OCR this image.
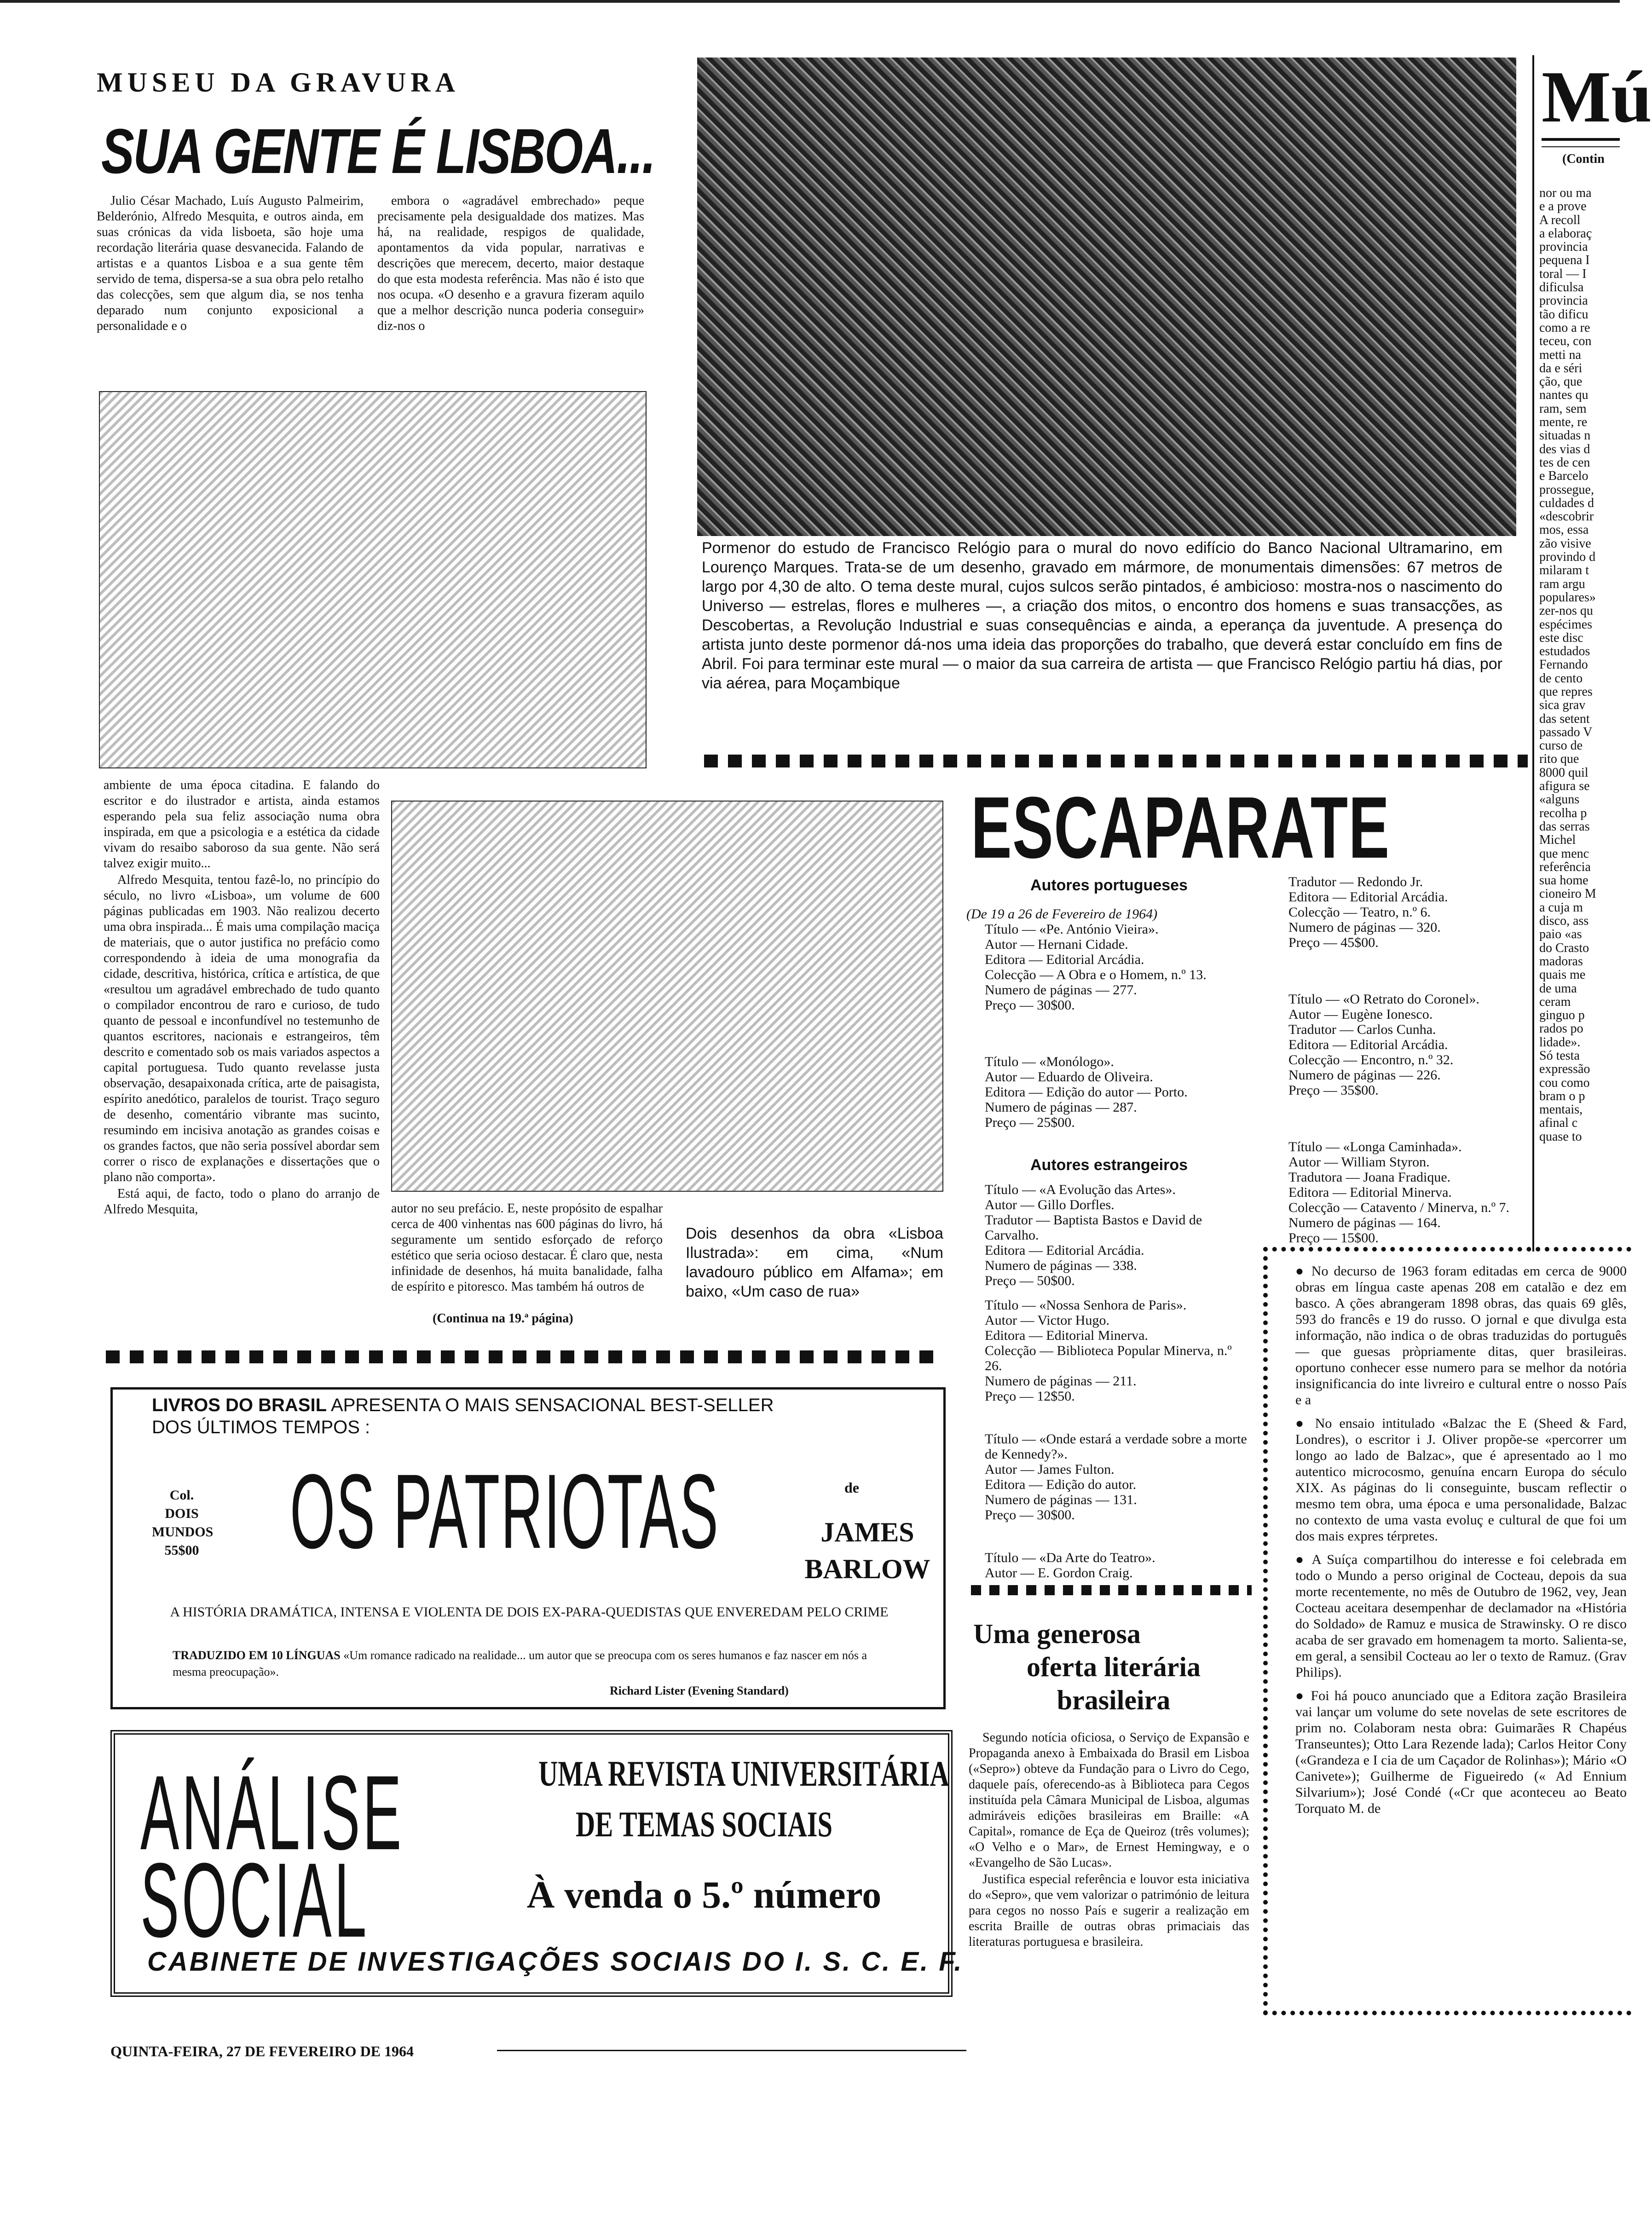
MUSEU DA GRAVURA
SUA GENTE É LISBOA...

Julio César Machado, Luís Augusto Palmeirim, Belderónio, Alfredo Mesquita, e outros ainda, em suas crónicas da vida lisboeta, são hoje uma recordação literária quase desvanecida. Falando de artistas e a quantos Lisboa e a sua gente têm servido de tema, dispersa-se a sua obra pelo retalho das colecções, sem que algum dia, se nos tenha deparado num conjunto exposicional a personalidade e o

embora o «agradável embrechado» peque precisamente pela desigualdade dos matizes. Mas há, na realidade, respigos de qualidade, apontamentos da vida popular, narrativas e descrições que merecem, decerto, maior destaque do que esta modesta referência. Mas não é isto que nos ocupa. «O desenho e a gravura fizeram aquilo que a melhor descrição nunca poderia conseguir» diz-nos o

ambiente de uma época citadina. E falando do escritor e do ilustrador e artista, ainda estamos esperando pela sua feliz associação numa obra inspirada, em que a psicologia e a estética da cidade vivam do resaibo saboroso da sua gente. Não será talvez exigir muito...

Alfredo Mesquita, tentou fazê-lo, no princípio do século, no livro «Lisboa», um volume de 600 páginas publicadas em 1903. Não realizou decerto uma obra inspirada... É mais uma compilação maciça de materiais, que o autor justifica no prefácio como correspondendo à ideia de uma monografia da cidade, descritiva, histórica, crítica e artística, de que «resultou um agradável embrechado de tudo quanto o compilador encontrou de raro e curioso, de tudo quanto de pessoal e inconfundível no testemunho de quantos escritores, nacionais e estrangeiros, têm descrito e comentado sob os mais variados aspectos a capital portuguesa. Tudo quanto revelasse justa observação, desapaixonada crítica, arte de paisagista, espírito anedótico, paralelos de tourist. Traço seguro de desenho, comentário vibrante mas sucinto, resumindo em incisiva anotação as grandes coisas e os grandes factos, que não seria possível abordar sem correr o risco de explanações e dissertações que o plano não comporta».

Está aqui, de facto, todo o plano do arranjo de Alfredo Mesquita,	autor no seu prefácio. E, neste propósito de espalhar cerca de 400 vinhentas nas 600 páginas do livro, há seguramente um sentido esforçado de reforço estético que seria ocioso destacar. É claro que, nesta infinidade de desenhos, há muita banalidade, falha de espírito e pitoresco. Mas também há outros de

(Continua na 19.ª página)
Dois desenhos da obra «Lisboa Ilustrada»: em cima, «Num lavadouro público em Alfama»; em baixo, «Um caso de rua»
Pormenor do estudo de Francisco Relógio para o mural do novo edifício do Banco Nacional Ultramarino, em Lourenço Marques. Trata-se de um desenho, gravado em mármore, de monumentais dimensões: 67 metros de largo por 4,30 de alto. O tema deste mural, cujos sulcos serão pintados, é ambicioso: mostra-nos o nascimento do Universo — estrelas, flores e mulheres —, a criação dos mitos, o encontro dos homens e suas transacções, as Descobertas, a Revolução Industrial e suas consequências e ainda, a eperança da juventude. A presença do artista junto deste pormenor dá-nos uma ideia das proporções do trabalho, que deverá estar concluído em fins de Abril. Foi para terminar este mural — o maior da sua carreira de artista — que Francisco Relógio partiu há dias, por via aérea, para Moçambique
ESCAPARATE
Autores portugueses
(De 19 a 26 de Fevereiro de 1964)
Título — «Pe. António Vieira».
Autor — Hernani Cidade.
Editora — Editorial Arcádia.
Colecção — A Obra e o Homem, n.º 13.
Numero de páginas — 277.
Preço — 30$00.
Título — «Monólogo».
Autor — Eduardo de Oliveira.
Editora — Edição do autor — Porto.
Numero de páginas — 287.
Preço — 25$00.
Autores estrangeiros
Título — «A Evolução das Artes».
Autor — Gillo Dorfles.
Tradutor — Baptista Bastos e David de Carvalho.
Editora — Editorial Arcádia.
Numero de páginas — 338.
Preço — 50$00.
Título — «Nossa Senhora de Paris».
Autor — Victor Hugo.
Editora — Editorial Minerva.
Colecção — Biblioteca Popular Minerva, n.º 26.
Numero de páginas — 211.
Preço — 12$50.
Título — «Onde estará a verdade sobre a morte de Kennedy?».
Autor — James Fulton.
Editora — Edição do autor.
Numero de páginas — 131.
Preço — 30$00.
Título — «Da Arte do Teatro».
Autor — E. Gordon Craig.
Tradutor — Redondo Jr.
Editora — Editorial Arcádia.
Colecção — Teatro, n.º 6.
Numero de páginas — 320.
Preço — 45$00.
Título — «O Retrato do Coronel».
Autor — Eugène Ionesco.
Tradutor — Carlos Cunha.
Editora — Editorial Arcádia.
Colecção — Encontro, n.º 32.
Numero de páginas — 226.
Preço — 35$00.
Título — «Longa Caminhada».
Autor — William Styron.
Tradutora — Joana Fradique.
Editora — Editorial Minerva.
Colecção — Catavento / Minerva, n.º 7.
Numero de páginas — 164.
Preço — 15$00.
Uma generosa
oferta literária
brasileira

Segundo notícia oficiosa, o Serviço de Expansão e Propaganda anexo à Embaixada do Brasil em Lisboa («Sepro») obteve da Fundação para o Livro do Cego, daquele país, oferecendo-as à Biblioteca para Cegos instituída pela Câmara Municipal de Lisboa, algumas admiráveis edições brasileiras em Braille: «A Capital», romance de Eça de Queiroz (três volumes); «O Velho e o Mar», de Ernest Hemingway, e o «Evangelho de São Lucas».

Justifica especial referência e louvor esta iniciativa do «Sepro», que vem valorizar o património de leitura para cegos no nosso País e sugerir a realização em escrita Braille de outras obras primaciais das literaturas portuguesa e brasileira.

LIVROS DO BRASIL APRESENTA O MAIS SENSACIONAL BEST-SELLER
DOS ÚLTIMOS TEMPOS :
Col.
DOIS
MUNDOS
55$00 OS PATRIOTAS	de
JAMES
BARLOW
A HISTÓRIA DRAMÁTICA, INTENSA E VIOLENTA DE DOIS EX-PARA-QUEDISTAS QUE ENVEREDAM PELO CRIME
TRADUZIDO EM 10 LÍNGUAS «Um romance radicado na realidade... um autor que se preocupa com os seres humanos e faz nascer em nós a mesma preocupação».
Richard Lister (Evening Standard)
ANÁLISE
SOCIAL
UMA REVISTA UNIVERSITÁRIA
DE TEMAS SOCIAIS
À venda o 5.º número
CABINETE DE INVESTIGAÇÕES SOCIAIS DO I. S. C. E. F.
QUINTA-FEIRA, 27 DE FEVEREIRO DE 1964
Mú
(Contin
nor ou ma
e a prove
A recoll
a elaboraç
provincia
pequena I
toral — I
dificulsa
provincia
tão dificu
como a re
teceu, con
metti na
da e séri
ção, que
nantes qu
ram, sem
mente, re
situadas n
des vias d
tes de cen
e Barcelo
prossegue,
culdades d
«descobrir
mos, essa
zão visive
provindo d
milaram t
ram argu
populares»
zer-nos qu
espécimes
este disc
estudados
Fernando
de cento
que repres
sica grav
das setent
passado V
curso de
rito que
8000 quil
afigura se
«alguns
recolha p
das serras
Michel
que menc
referência
sua home
cioneiro M
a cuja m
disco, ass
paio «as
do Crasto
madoras
quais me
de uma
ceram
ginguo p
rados po
lidade».
Só testa
expressão
cou como
bram o p
mentais,
afinal c
quase to

● No decurso de 1963 foram editadas em cerca de 9000 obras em língua caste apenas 208 em catalão e dez em basco. A ções abrangeram 1898 obras, das quais 69 glês, 593 do francês e 19 do russo. O jornal e que divulga esta informação, não indica o de obras traduzidas do português — que guesas pròpriamente ditas, quer brasileiras. oportuno conhecer esse numero para se melhor da notória insignificancia do inte livreiro e cultural entre o nosso País e a

● No ensaio intitulado «Balzac the E (Sheed & Fard, Londres), o escritor i J. Oliver propõe-se «percorrer um longo ao lado de Balzac», que é apresentado ao l mo autentico microcosmo, genuína encarn Europa do século XIX. As páginas do li conseguinte, buscam reflectir o mesmo tem obra, uma época e uma personalidade, Balzac no contexto de uma vasta evoluç e cultural de que foi um dos mais expres térpretes.

● A Suíça compartilhou do interesse e foi celebrada em todo o Mundo a perso original de Cocteau, depois da sua morte recentemente, no mês de Outubro de 1962, vey, Jean Cocteau aceitara desempenhar de declamador na «História do Soldado» de Ramuz e musica de Strawinsky. O re disco acaba de ser gravado em homenagem ta morto. Salienta-se, em geral, a sensibil Cocteau ao ler o texto de Ramuz. (Grav Philips).

● Foi há pouco anunciado que a Editora zação Brasileira vai lançar um volume do sete novelas de sete escritores de prim no. Colaboram nesta obra: Guimarães R Chapéus Transeuntes); Otto Lara Rezende lada); Carlos Heitor Cony («Grandeza e I cia de um Caçador de Rolinhas»); Mário «O Canivete»); Guilherme de Figueiredo (« Ad Ennium Silvarium»); José Condé («Cr que aconteceu ao Beato Torquato M. de
